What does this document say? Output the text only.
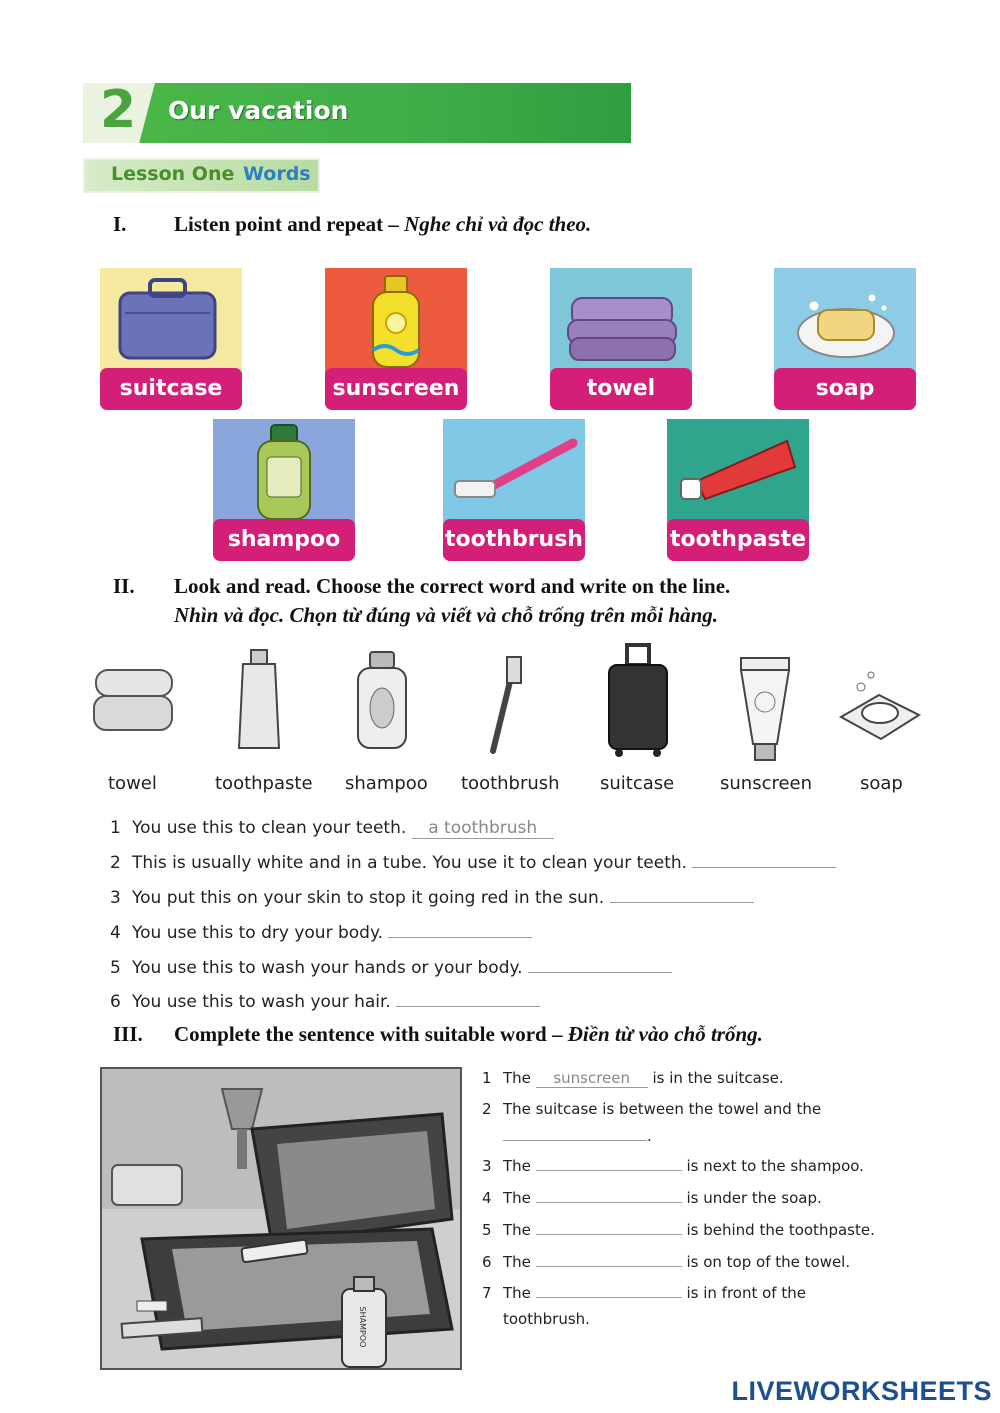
2 Our vacation
Lesson One Words
I. Listen point and repeat – Nghe chỉ và đọc theo.
suitcase	sunscreen	towel	soap
shampoo	toothbrush	toothpaste
II. Look and read. Choose the correct word and write on the line.
Nhìn và đọc. Chọn từ đúng và viết và chỗ trống trên mỗi hàng.
towel	toothpaste shampoo toothbrush suitcase	sunscreen	soap
1 You use this to clean your teeth. a toothbrush
2 This is usually white and in a tube. You use it to clean your teeth.
3 You put this on your skin to stop it going red in the sun.
4 You use this to dry your body.
5 You use this to wash your hands or your body.
6 You use this to wash your hair.
III. Complete the sentence with suitable word – Điền từ vào chỗ trống.
SHAMPOO
1 The sunscreen is in the suitcase.
2 The suitcase is between the towel and the
.
3 The	is next to the shampoo.
4 The	is under the soap.
5 The	is behind the toothpaste.
6 The	is on top of the towel.
7 The	is in front of the
toothbrush.
LIVEWORKSHEETS
